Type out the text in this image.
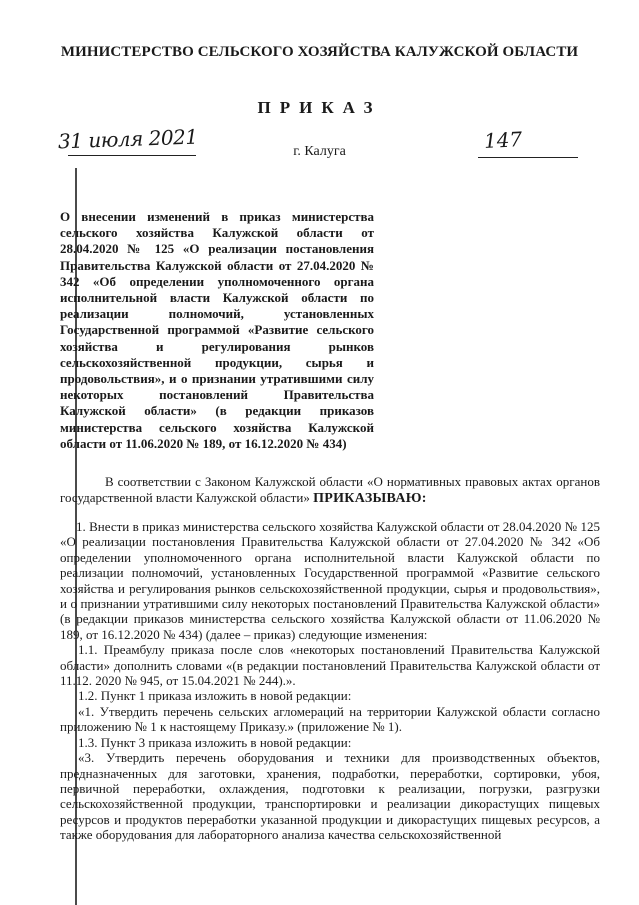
МИНИСТЕРСТВО СЕЛЬСКОГО ХОЗЯЙСТВА КАЛУЖСКОЙ ОБЛАСТИ
ПРИКАЗ
31 июля 2021	г. Калуга	147
О внесении изменений в приказ министерства сельского хозяйства Калужской области от 28.04.2020 № 125 «О реализации постановления Правительства Калужской области от 27.04.2020 № 342 «Об определении уполномоченного органа исполнительной власти Калужской области по реализации полномочий, установленных Государственной программой «Развитие сельского хозяйства и регулирования рынков сельскохозяйственной продукции, сырья и продовольствия», и о признании утратившими силу некоторых постановлений Правительства Калужской области» (в редакции приказов министерства сельского хозяйства Калужской области от 11.06.2020 № 189, от 16.12.2020 № 434)
В соответствии с Законом Калужской области «О нормативных правовых актах органов государственной власти Калужской области» ПРИКАЗЫВАЮ:

1. Внести в приказ министерства сельского хозяйства Калужской области от 28.04.2020 № 125 «О реализации постановления Правительства Калужской области от 27.04.2020 № 342 «Об определении уполномоченного органа исполнительной власти Калужской области по реализации полномочий, установленных Государственной программой «Развитие сельского хозяйства и регулирования рынков сельскохозяйственной продукции, сырья и продовольствия», и о признании утратившими силу некоторых постановлений Правительства Калужской области» (в редакции приказов министерства сельского хозяйства Калужской области от 11.06.2020 № 189, от 16.12.2020 № 434) (далее – приказ) следующие изменения:

1.1. Преамбулу приказа после слов «некоторых постановлений Правительства Калужской области» дополнить словами «(в редакции постановлений Правительства Калужской области от 11.12. 2020 № 945, от 15.04.2021 № 244).».

1.2. Пункт 1 приказа изложить в новой редакции:

«1. Утвердить перечень сельских агломераций на территории Калужской области согласно приложению № 1 к настоящему Приказу.» (приложение № 1).

1.3. Пункт 3 приказа изложить в новой редакции:

«3. Утвердить перечень оборудования и техники для производственных объектов, предназначенных для заготовки, хранения, подработки, переработки, сортировки, убоя, первичной переработки, охлаждения, подготовки к реализации, погрузки, разгрузки сельскохозяйственной продукции, транспортировки и реализации дикорастущих пищевых ресурсов и продуктов переработки указанной продукции и дикорастущих пищевых ресурсов, а также оборудования для лабораторного анализа качества сельскохозяйственной
